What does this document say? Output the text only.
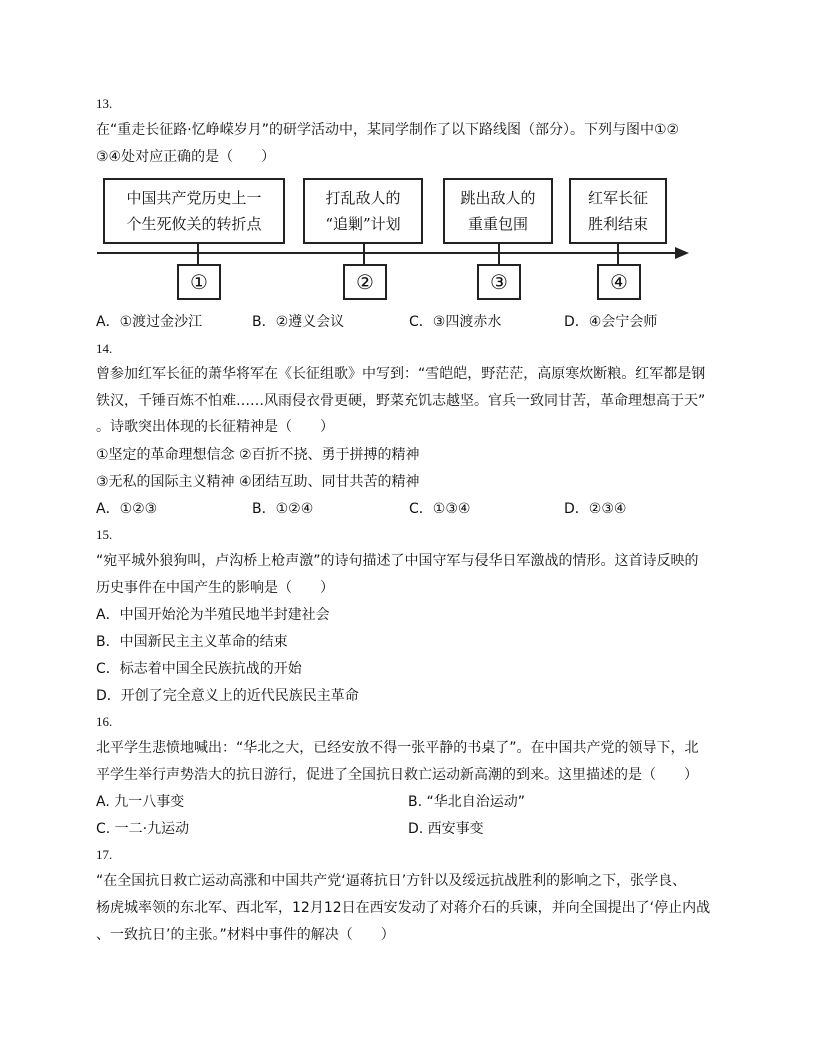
13.
在“重走长征路·忆峥嵘岁月”的研学活动中，某同学制作了以下路线图（部分）。下列与图中①②
③④处对应正确的是（　　）
中国共产党历史上一
个生死攸关的转折点
打乱敌人的
“追剿”计划
跳出敌人的
重重包围
红军长征
胜利结束
①	②	③	④
A．①渡过金沙江	B．②遵义会议	C．③四渡赤水	D．④会宁会师
14.
曾参加红军长征的萧华将军在《长征组歌》中写到：“雪皑皑，野茫茫，高原寒炊断粮。红军都是钢
铁汉，千锤百炼不怕难……风雨侵衣骨更硬，野菜充饥志越坚。官兵一致同甘苦，革命理想高于天”
。诗歌突出体现的长征精神是（　　）
①坚定的革命理想信念 ②百折不挠、勇于拼搏的精神
③无私的国际主义精神 ④团结互助、同甘共苦的精神
A．①②③	B．①②④	C．①③④	D．②③④
15.
“宛平城外狼狗叫，卢沟桥上枪声激”的诗句描述了中国守军与侵华日军激战的情形。这首诗反映的
历史事件在中国产生的影响是（　　）
A．中国开始沦为半殖民地半封建社会
B．中国新民主主义革命的结束
C．标志着中国全民族抗战的开始
D．开创了完全意义上的近代民族民主革命
16.
北平学生悲愤地喊出：“华北之大，已经安放不得一张平静的书桌了”。在中国共产党的领导下，北
平学生举行声势浩大的抗日游行，促进了全国抗日救亡运动新高潮的到来。这里描述的是（　　）
A. 九一八事变	B. “华北自治运动”
C. 一二·九运动	D. 西安事变
17.
“在全国抗日救亡运动高涨和中国共产党‘逼蒋抗日’方针以及绥远抗战胜利的影响之下，张学良、
杨虎城率领的东北军、西北军，12月12日在西安发动了对蒋介石的兵谏，并向全国提出了‘停止内战
、一致抗日’的主张。”材料中事件的解决（　　）
